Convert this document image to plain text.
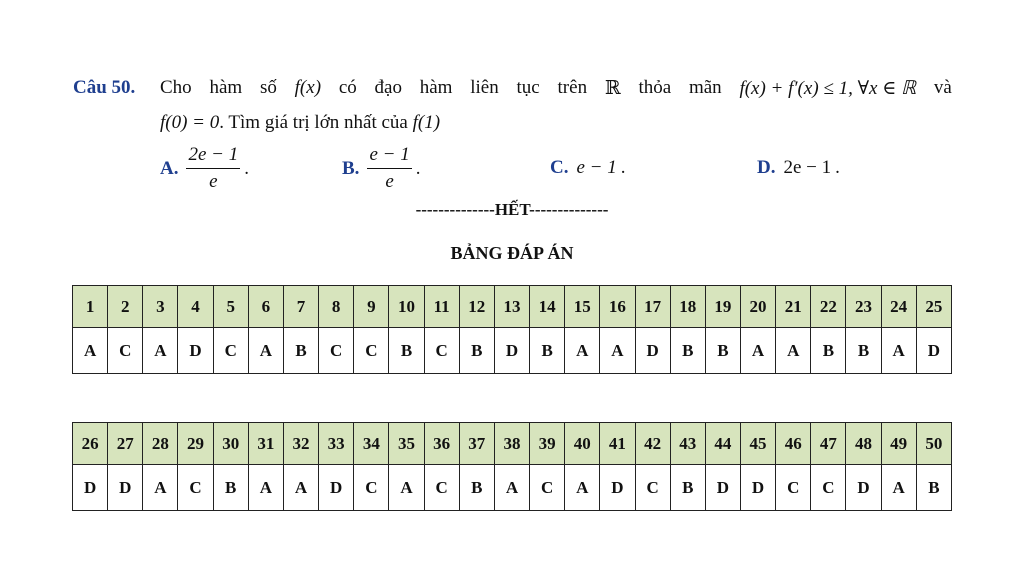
Câu 50. Cho hàm số f(x) có đạo hàm liên tục trên ℝ thỏa mãn f(x) + f′(x) ≤ 1, ∀x ∈ ℝ và
f(0) = 0. Tìm giá trị lớn nhất của f(1)
A. $\frac{2e - 1}{e}$ .	B. $\frac{e - 1}{e}$ .	C. e − 1 .	D. 2e − 1 .
--------------HẾT--------------
BẢNG ĐÁP ÁN
1	2	3	4	5	6	7	8	9	10	11	12	13	14	15	16	17	18	19	20	21	22	23	24	25
A	C	A	D	C	A	B	C	C	B	C	B	D	B	A	A	D	B	B	A	A	B	B	A	D
26	27	28	29	30	31	32	33	34	35	36	37	38	39	40	41	42	43	44	45	46	47	48	49	50
D	D	A	C	B	A	A	D	C	A	C	B	A	C	A	D	C	B	D	D	C	C	D	A	B
